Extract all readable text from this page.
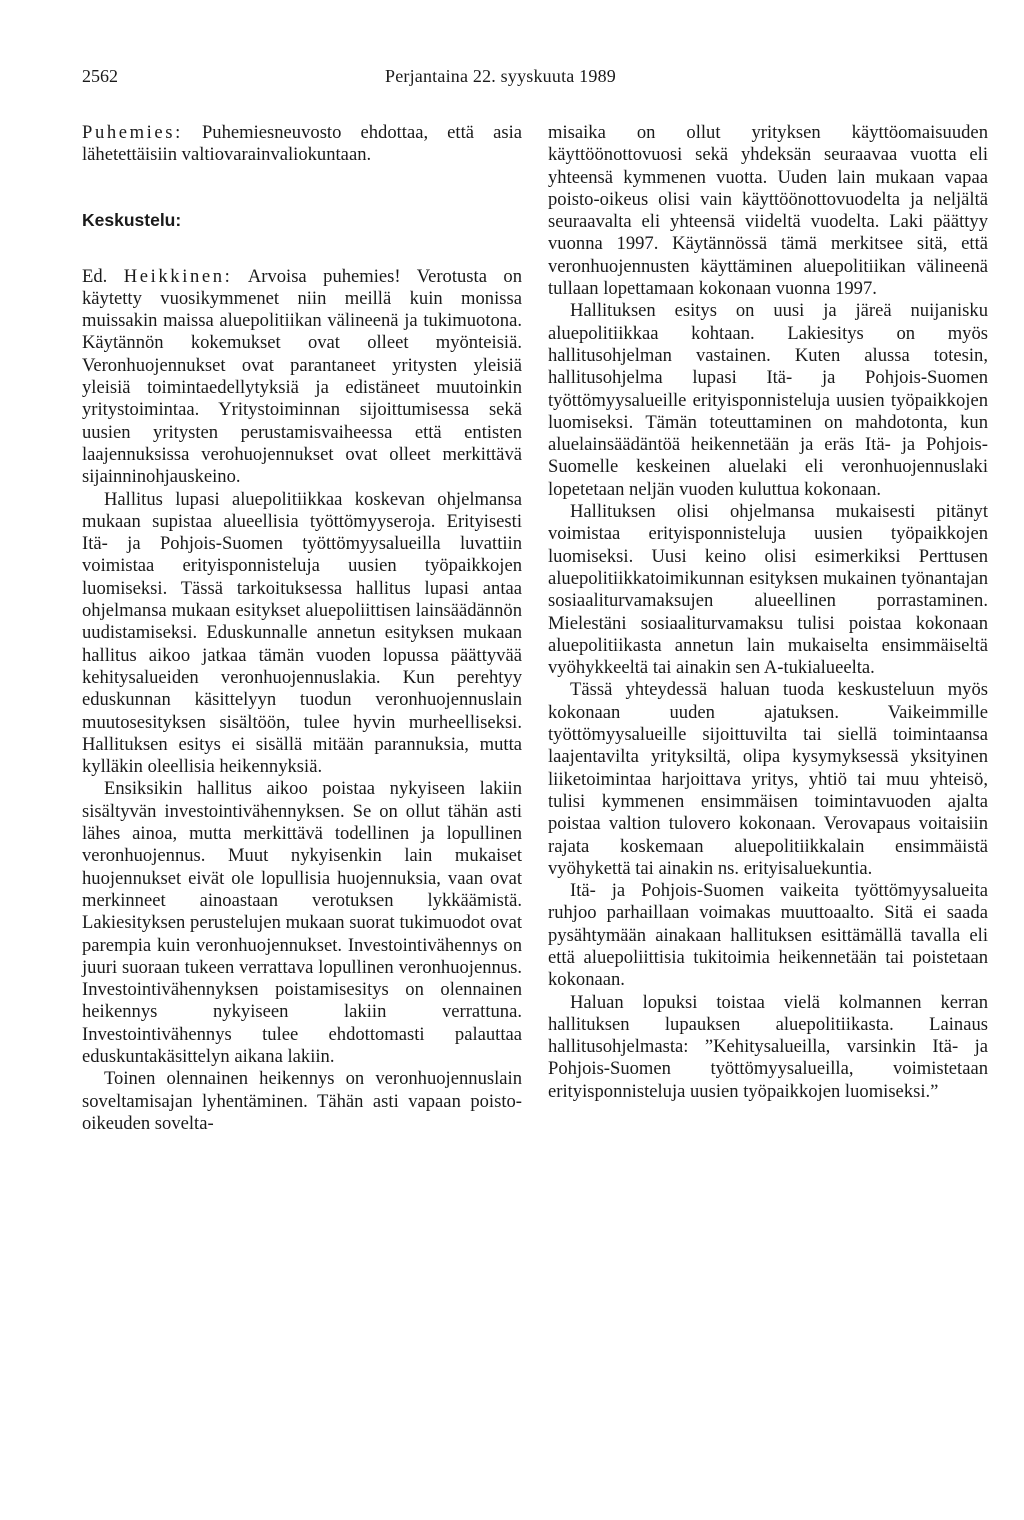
2562	Perjantaina 22. syyskuuta 1989

Puhemies: Puhemiesneuvosto ehdottaa, että asia lähetettäisiin valtiovarainvaliokuntaan.

Keskustelu:

Ed. Heikkinen: Arvoisa puhemies! Verotusta on käytetty vuosikymmenet niin meillä kuin monissa muissakin maissa aluepolitiikan välineenä ja tukimuotona. Käytännön kokemukset ovat olleet myönteisiä. Veronhuojennukset ovat parantaneet yritysten yleisiä yleisiä toimintaedellytyksiä ja edistäneet muutoinkin yritystoimintaa. Yritystoiminnan sijoittumisessa sekä uusien yritysten perustamisvaiheessa että entisten laajennuksissa verohuojennukset ovat olleet merkittävä sijainninohjauskeino.

Hallitus lupasi aluepolitiikkaa koskevan ohjelmansa mukaan supistaa alueellisia työttömyyseroja. Erityisesti Itä- ja Pohjois-Suomen työttömyysalueilla luvattiin voimistaa erityisponnisteluja uusien työpaikkojen luomiseksi. Tässä tarkoituksessa hallitus lupasi antaa ohjelmansa mukaan esitykset aluepoliittisen lainsäädännön uudistamiseksi. Eduskunnalle annetun esityksen mukaan hallitus aikoo jatkaa tämän vuoden lopussa päättyvää kehitysalueiden veronhuojennuslakia. Kun perehtyy eduskunnan käsittelyyn tuodun veronhuojennuslain muutosesityksen sisältöön, tulee hyvin murheelliseksi. Hallituksen esitys ei sisällä mitään parannuksia, mutta kylläkin oleellisia heikennyksiä.

Ensiksikin hallitus aikoo poistaa nykyiseen lakiin sisältyvän investointivähennyksen. Se on ollut tähän asti lähes ainoa, mutta merkittävä todellinen ja lopullinen veronhuojennus. Muut nykyisenkin lain mukaiset huojennukset eivät ole lopullisia huojennuksia, vaan ovat merkinneet ainoastaan verotuksen lykkäämistä. Lakiesityksen perustelujen mukaan suorat tukimuodot ovat parempia kuin veronhuojennukset. Investointivähennys on juuri suoraan tukeen verrattava lopullinen veronhuojennus. Investointivähennyksen poistamisesitys on olennainen heikennys nykyiseen lakiin verrattuna. Investointivähennys tulee ehdottomasti palauttaa eduskuntakäsittelyn aikana lakiin.

Toinen olennainen heikennys on veronhuojennuslain soveltamisajan lyhentäminen. Tähän asti vapaan poisto-oikeuden sovelta-

misaika on ollut yrityksen käyttöomaisuuden käyttöönottovuosi sekä yhdeksän seuraavaa vuotta eli yhteensä kymmenen vuotta. Uuden lain mukaan vapaa poisto-oikeus olisi vain käyttöönottovuodelta ja neljältä seuraavalta eli yhteensä viideltä vuodelta. Laki päättyy vuonna 1997. Käytännössä tämä merkitsee sitä, että veronhuojennusten käyttäminen aluepolitiikan välineenä tullaan lopettamaan kokonaan vuonna 1997.

Hallituksen esitys on uusi ja järeä nuijanisku aluepolitiikkaa kohtaan. Lakiesitys on myös hallitusohjelman vastainen. Kuten alussa totesin, hallitusohjelma lupasi Itä- ja Pohjois-Suomen työttömyysalueille erityisponnisteluja uusien työpaikkojen luomiseksi. Tämän toteuttaminen on mahdotonta, kun aluelainsäädäntöä heikennetään ja eräs Itä- ja Pohjois-Suomelle keskeinen aluelaki eli veronhuojennuslaki lopetetaan neljän vuoden kuluttua kokonaan.

Hallituksen olisi ohjelmansa mukaisesti pitänyt voimistaa erityisponnisteluja uusien työpaikkojen luomiseksi. Uusi keino olisi esimerkiksi Perttusen aluepolitiikkatoimikunnan esityksen mukainen työnantajan sosiaaliturvamaksujen alueellinen porrastaminen. Mielestäni sosiaaliturvamaksu tulisi poistaa kokonaan aluepolitiikasta annetun lain mukaiselta ensimmäiseltä vyöhykkeeltä tai ainakin sen A-tukialueelta.

Tässä yhteydessä haluan tuoda keskusteluun myös kokonaan uuden ajatuksen. Vaikeimmille työttömyysalueille sijoittuvilta tai siellä toimintaansa laajentavilta yrityksiltä, olipa kysymyksessä yksityinen liiketoimintaa harjoittava yritys, yhtiö tai muu yhteisö, tulisi kymmenen ensimmäisen toimintavuoden ajalta poistaa valtion tulovero kokonaan. Verovapaus voitaisiin rajata koskemaan aluepolitiikkalain ensimmäistä vyöhykettä tai ainakin ns. erityisaluekuntia.

Itä- ja Pohjois-Suomen vaikeita työttömyysalueita ruhjoo parhaillaan voimakas muuttoaalto. Sitä ei saada pysähtymään ainakaan hallituksen esittämällä tavalla eli että aluepoliittisia tukitoimia heikennetään tai poistetaan kokonaan.

Haluan lopuksi toistaa vielä kolmannen kerran hallituksen lupauksen aluepolitiikasta. Lainaus hallitusohjelmasta: ”Kehitysalueilla, varsinkin Itä- ja Pohjois-Suomen työttömyysalueilla, voimistetaan erityisponnisteluja uusien työpaikkojen luomiseksi.”
